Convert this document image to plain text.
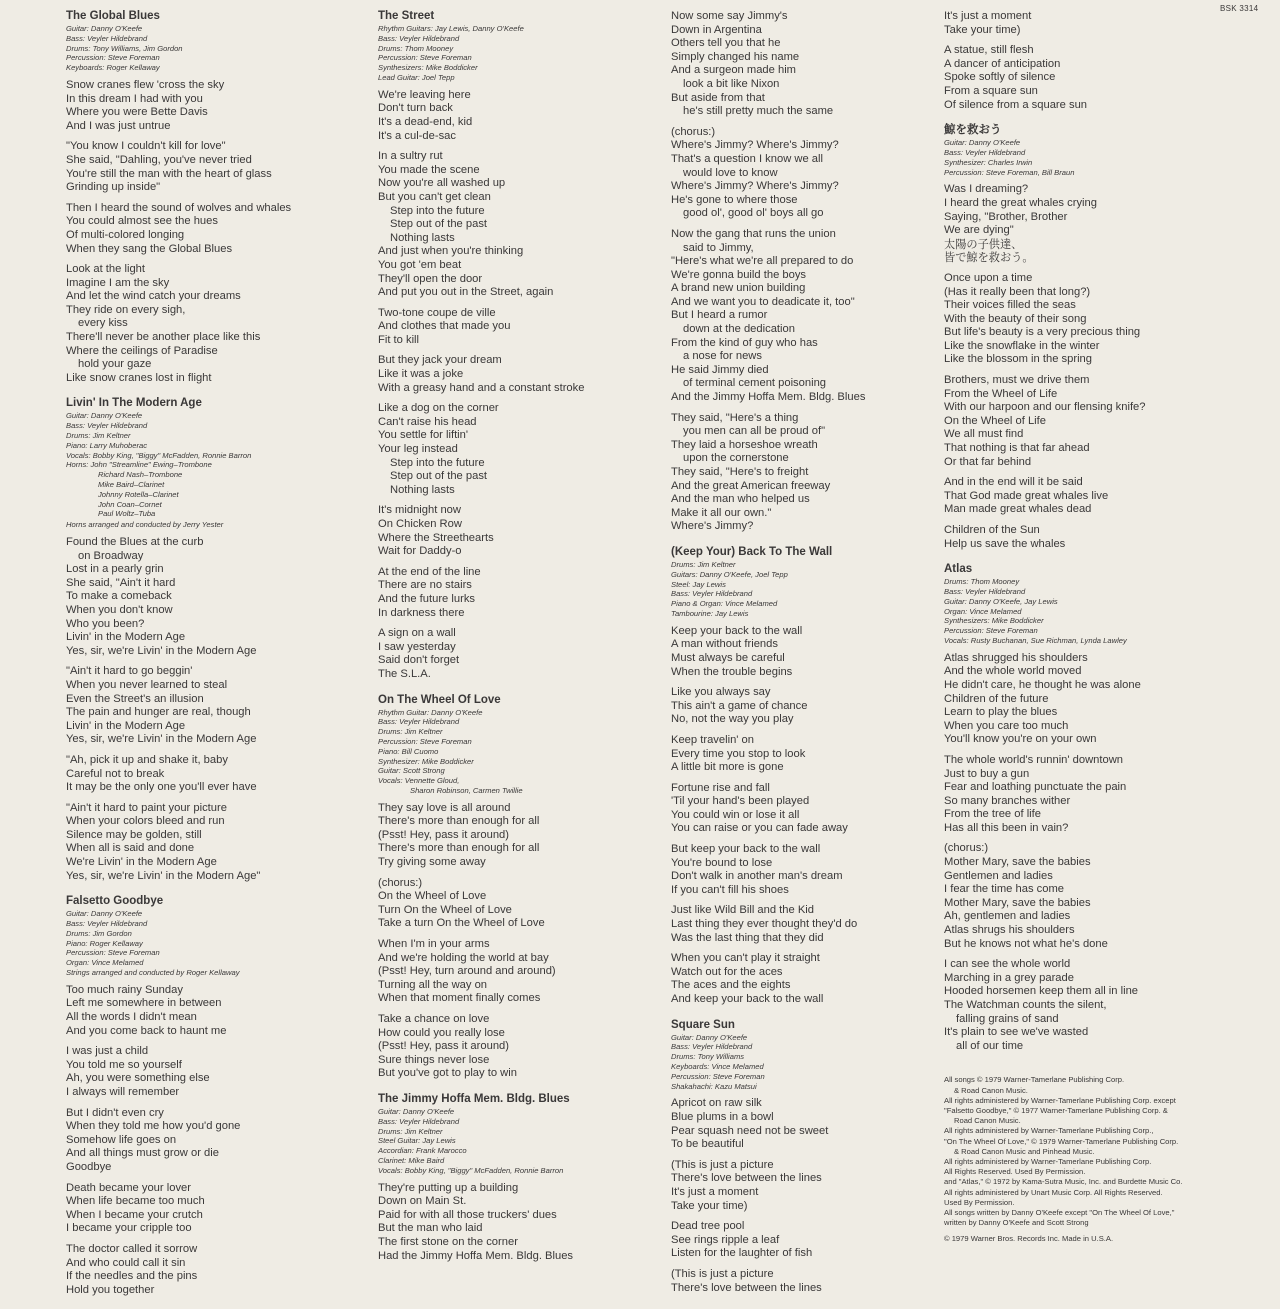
BSK 3314
The Global Blues
Guitar: Danny O'Keefe
Bass: Veyler Hildebrand
Drums: Tony Williams, Jim Gordon
Percussion: Steve Foreman
Keyboards: Roger Kellaway
Snow cranes flew 'cross the sky
In this dream I had with you
Where you were Bette Davis
And I was just untrue
"You know I couldn't kill for love"
She said, "Dahling, you've never tried
You're still the man with the heart of glass
Grinding up inside"
Then I heard the sound of wolves and whales
You could almost see the hues
Of multi-colored longing
When they sang the Global Blues
Look at the light
Imagine I am the sky
And let the wind catch your dreams
They ride on every sigh,
every kiss
There'll never be another place like this
Where the ceilings of Paradise
hold your gaze
Like snow cranes lost in flight
Livin' In The Modern Age
Guitar: Danny O'Keefe
Bass: Veyler Hildebrand
Drums: Jim Keltner
Piano: Larry Muhoberac
Vocals: Bobby King, "Biggy" McFadden, Ronnie Barron
Horns: John "Streamline" Ewing–Trombone
Richard Nash–Trombone
Mike Baird–Clarinet
Johnny Rotella–Clarinet
John Coan–Cornet
Paul Woltz–Tuba
Horns arranged and conducted by Jerry Yester
Found the Blues at the curb
on Broadway
Lost in a pearly grin
She said, "Ain't it hard
To make a comeback
When you don't know
Who you been?
Livin' in the Modern Age
Yes, sir, we're Livin' in the Modern Age
"Ain't it hard to go beggin'
When you never learned to steal
Even the Street's an illusion
The pain and hunger are real, though
Livin' in the Modern Age
Yes, sir, we're Livin' in the Modern Age
"Ah, pick it up and shake it, baby
Careful not to break
It may be the only one you'll ever have
"Ain't it hard to paint your picture
When your colors bleed and run
Silence may be golden, still
When all is said and done
We're Livin' in the Modern Age
Yes, sir, we're Livin' in the Modern Age"
Falsetto Goodbye
Guitar: Danny O'Keefe
Bass: Veyler Hildebrand
Drums: Jim Gordon
Piano: Roger Kellaway
Percussion: Steve Foreman
Organ: Vince Melamed
Strings arranged and conducted by Roger Kellaway
Too much rainy Sunday
Left me somewhere in between
All the words I didn't mean
And you come back to haunt me
I was just a child
You told me so yourself
Ah, you were something else
I always will remember
But I didn't even cry
When they told me how you'd gone
Somehow life goes on
And all things must grow or die
Goodbye
Death became your lover
When life became too much
When I became your crutch
I became your cripple too
The doctor called it sorrow
And who could call it sin
If the needles and the pins
Hold you together
The Street
Rhythm Guitars: Jay Lewis, Danny O'Keefe
Bass: Veyler Hildebrand
Drums: Thom Mooney
Percussion: Steve Foreman
Synthesizers: Mike Boddicker
Lead Guitar: Joel Tepp
We're leaving here
Don't turn back
It's a dead-end, kid
It's a cul-de-sac
In a sultry rut
You made the scene
Now you're all washed up
But you can't get clean
Step into the future
Step out of the past
Nothing lasts
And just when you're thinking
You got 'em beat
They'll open the door
And put you out in the Street, again
Two-tone coupe de ville
And clothes that made you
Fit to kill
But they jack your dream
Like it was a joke
With a greasy hand and a constant stroke
Like a dog on the corner
Can't raise his head
You settle for liftin'
Your leg instead
Step into the future
Step out of the past
Nothing lasts
It's midnight now
On Chicken Row
Where the Streethearts
Wait for Daddy-o
At the end of the line
There are no stairs
And the future lurks
In darkness there
A sign on a wall
I saw yesterday
Said don't forget
The S.L.A.
On The Wheel Of Love
Rhythm Guitar: Danny O'Keefe
Bass: Veyler Hildebrand
Drums: Jim Keltner
Percussion: Steve Foreman
Piano: Bill Cuomo
Synthesizer: Mike Boddicker
Guitar: Scott Strong
Vocals: Vennette Gloud,
Sharon Robinson, Carmen Twillie
They say love is all around
There's more than enough for all
(Psst! Hey, pass it around)
There's more than enough for all
Try giving some away
(chorus:)
On the Wheel of Love
Turn On the Wheel of Love
Take a turn On the Wheel of Love
When I'm in your arms
And we're holding the world at bay
(Psst! Hey, turn around and around)
Turning all the way on
When that moment finally comes
Take a chance on love
How could you really lose
(Psst! Hey, pass it around)
Sure things never lose
But you've got to play to win
The Jimmy Hoffa Mem. Bldg. Blues
Guitar: Danny O'Keefe
Bass: Veyler Hildebrand
Drums: Jim Keltner
Steel Guitar: Jay Lewis
Accordian: Frank Marocco
Clarinet: Mike Baird
Vocals: Bobby King, "Biggy" McFadden, Ronnie Barron
They're putting up a building
Down on Main St.
Paid for with all those truckers' dues
But the man who laid
The first stone on the corner
Had the Jimmy Hoffa Mem. Bldg. Blues
Now some say Jimmy's
Down in Argentina
Others tell you that he
Simply changed his name
And a surgeon made him
look a bit like Nixon
But aside from that
he's still pretty much the same
(chorus:)
Where's Jimmy? Where's Jimmy?
That's a question I know we all
would love to know
Where's Jimmy? Where's Jimmy?
He's gone to where those
good ol', good ol' boys all go
Now the gang that runs the union
said to Jimmy,
"Here's what we're all prepared to do
We're gonna build the boys
A brand new union building
And we want you to deadicate it, too"
But I heard a rumor
down at the dedication
From the kind of guy who has
a nose for news
He said Jimmy died
of terminal cement poisoning
And the Jimmy Hoffa Mem. Bldg. Blues
They said, "Here's a thing
you men can all be proud of"
They laid a horseshoe wreath
upon the cornerstone
They said, "Here's to freight
And the great American freeway
And the man who helped us
Make it all our own."
Where's Jimmy?
(Keep Your) Back To The Wall
Drums: Jim Keltner
Guitars: Danny O'Keefe, Joel Tepp
Steel: Jay Lewis
Bass: Veyler Hildebrand
Piano & Organ: Vince Melamed
Tambourine: Jay Lewis
Keep your back to the wall
A man without friends
Must always be careful
When the trouble begins
Like you always say
This ain't a game of chance
No, not the way you play
Keep travelin' on
Every time you stop to look
A little bit more is gone
Fortune rise and fall
'Til your hand's been played
You could win or lose it all
You can raise or you can fade away
But keep your back to the wall
You're bound to lose
Don't walk in another man's dream
If you can't fill his shoes
Just like Wild Bill and the Kid
Last thing they ever thought they'd do
Was the last thing that they did
When you can't play it straight
Watch out for the aces
The aces and the eights
And keep your back to the wall
Square Sun
Guitar: Danny O'Keefe
Bass: Veyler Hildebrand
Drums: Tony Williams
Keyboards: Vince Melamed
Percussion: Steve Foreman
Shakahachi: Kazu Matsui
Apricot on raw silk
Blue plums in a bowl
Pear squash need not be sweet
To be beautiful
(This is just a picture
There's love between the lines
It's just a moment
Take your time)
Dead tree pool
See rings ripple a leaf
Listen for the laughter of fish
(This is just a picture
There's love between the lines
It's just a moment
Take your time)
A statue, still flesh
A dancer of anticipation
Spoke softly of silence
From a square sun
Of silence from a square sun
鯨を救おう
Guitar: Danny O'Keefe
Bass: Veyler Hildebrand
Synthesizer: Charles Irwin
Percussion: Steve Foreman, Bill Braun
Was I dreaming?
I heard the great whales crying
Saying, "Brother, Brother
We are dying"
太陽の子供達、
皆で鯨を救おう。
Once upon a time
(Has it really been that long?)
Their voices filled the seas
With the beauty of their song
But life's beauty is a very precious thing
Like the snowflake in the winter
Like the blossom in the spring
Brothers, must we drive them
From the Wheel of Life
With our harpoon and our flensing knife?
On the Wheel of Life
We all must find
That nothing is that far ahead
Or that far behind
And in the end will it be said
That God made great whales live
Man made great whales dead
Children of the Sun
Help us save the whales
Atlas
Drums: Thom Mooney
Bass: Veyler Hildebrand
Guitar: Danny O'Keefe, Jay Lewis
Organ: Vince Melamed
Synthesizers: Mike Boddicker
Percussion: Steve Foreman
Vocals: Rusty Buchanan, Sue Richman, Lynda Lawley
Atlas shrugged his shoulders
And the whole world moved
He didn't care, he thought he was alone
Children of the future
Learn to play the blues
When you care too much
You'll know you're on your own
The whole world's runnin' downtown
Just to buy a gun
Fear and loathing punctuate the pain
So many branches wither
From the tree of life
Has all this been in vain?
(chorus:)
Mother Mary, save the babies
Gentlemen and ladies
I fear the time has come
Mother Mary, save the babies
Ah, gentlemen and ladies
Atlas shrugs his shoulders
But he knows not what he's done
I can see the whole world
Marching in a grey parade
Hooded horsemen keep them all in line
The Watchman counts the silent,
falling grains of sand
It's plain to see we've wasted
all of our time
All songs © 1979 Warner-Tamerlane Publishing Corp.
& Road Canon Music.
All rights administered by Warner-Tamerlane Publishing Corp. except
"Falsetto Goodbye," © 1977 Warner-Tamerlane Publishing Corp. &
Road Canon Music.
All rights administered by Warner-Tamerlane Publishing Corp.,
"On The Wheel Of Love," © 1979 Warner-Tamerlane Publishing Corp.
& Road Canon Music and Pinhead Music.
All rights administered by Warner-Tamerlane Publishing Corp.
All Rights Reserved. Used By Permission.
and "Atlas," © 1972 by Kama-Sutra Music, Inc. and Burdette Music Co.
All rights administered by Unart Music Corp. All Rights Reserved.
Used By Permission.
All songs written by Danny O'Keefe except "On The Wheel Of Love,"
written by Danny O'Keefe and Scott Strong
© 1979 Warner Bros. Records Inc. Made in U.S.A.
